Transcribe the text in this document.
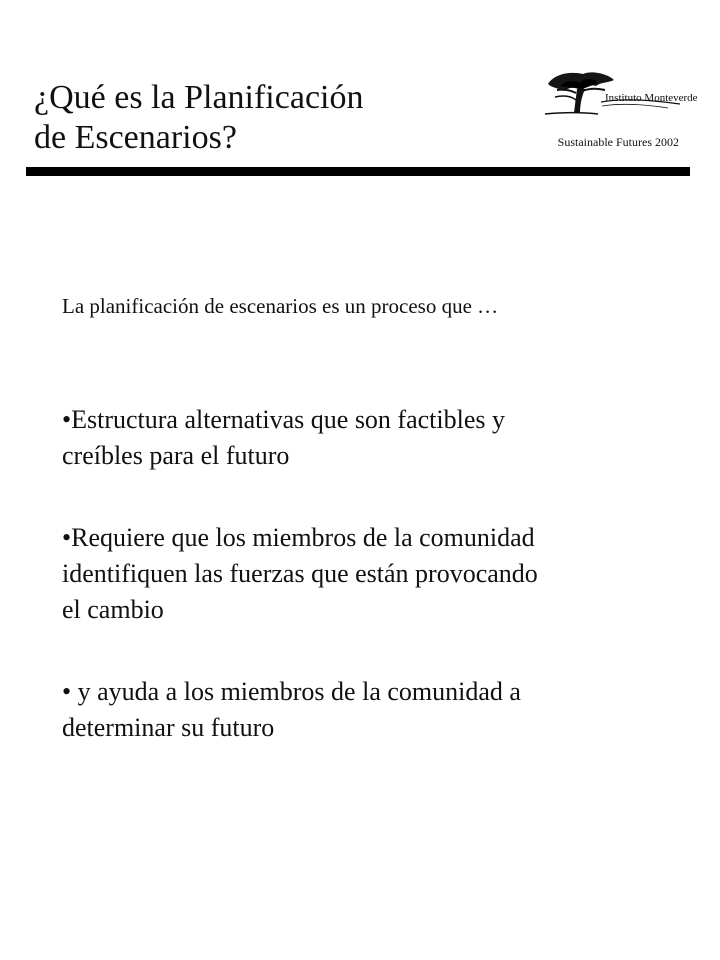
¿Qué es la Planificación
de Escenarios?
Instituto Monteverde
Sustainable Futures 2002
La planificación de escenarios es un proceso que …
•Estructura alternativas que son factibles y
creíbles para el futuro
•Requiere que los miembros de la comunidad
identifiquen las fuerzas que están provocando
el cambio
• y ayuda a los miembros de la comunidad a
determinar su futuro
